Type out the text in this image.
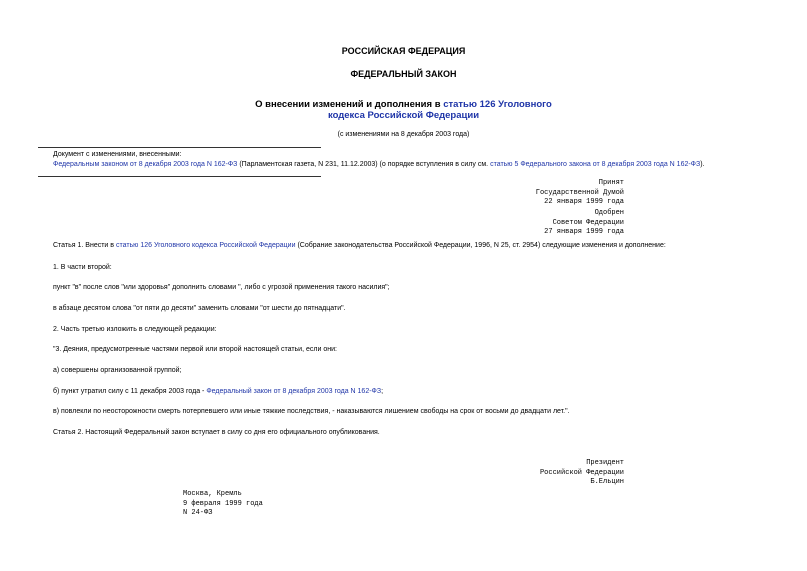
РОССИЙСКАЯ ФЕДЕРАЦИЯ
ФЕДЕРАЛЬНЫЙ ЗАКОН
О внесении изменений и дополнения в статью 126 Уголовного
кодекса Российской Федерации
(с изменениями на 8 декабря 2003 года)
Документ с изменениями, внесенными:
Федеральным законом от 8 декабря 2003 года N 162-ФЗ (Парламентская газета, N 231, 11.12.2003) (о порядке вступления в силу см. статью 5 Федерального закона от 8 декабря 2003 года N 162-ФЗ).
Принят
Государственной Думой
22 января 1999 года
Одобрен
Советом Федерации
27 января 1999 года
Статья 1. Внести в статью 126 Уголовного кодекса Российской Федерации (Собрание законодательства Российской Федерации, 1996, N 25, ст. 2954) следующие изменения и дополнение:
1. В части второй:
пункт "в" после слов "или здоровья" дополнить словами ", либо с угрозой применения такого насилия";
в абзаце десятом слова "от пяти до десяти" заменить словами "от шести до пятнадцати".
2. Часть третью изложить в следующей редакции:
"3. Деяния, предусмотренные частями первой или второй настоящей статьи, если они:
а) совершены организованной группой;
б) пункт утратил силу с 11 декабря 2003 года - Федеральный закон от 8 декабря 2003 года N 162-ФЗ;
в) повлекли по неосторожности смерть потерпевшего или иные тяжкие последствия, - наказываются лишением свободы на срок от восьми до двадцати лет.".
Статья 2. Настоящий Федеральный закон вступает в силу со дня его официального опубликования.
Президент
Российской Федерации
Б.Ельцин
Москва, Кремль
9 февраля 1999 года
N 24-ФЗ
